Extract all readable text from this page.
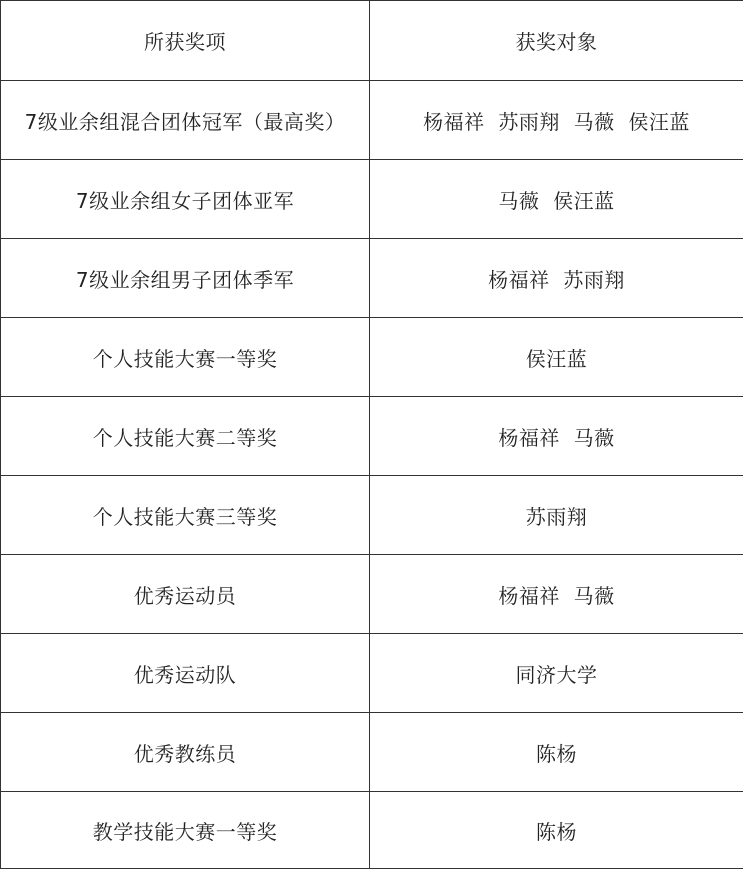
所获奖项	获奖对象
7级业余组混合团体冠军（最高奖）	杨福祥  苏雨翔  马薇  侯汪蓝
7级业余组女子团体亚军	马薇  侯汪蓝
7级业余组男子团体季军	杨福祥  苏雨翔
个人技能大赛一等奖	侯汪蓝
个人技能大赛二等奖	杨福祥  马薇
个人技能大赛三等奖	苏雨翔
优秀运动员	杨福祥  马薇
优秀运动队	同济大学
优秀教练员	陈杨
教学技能大赛一等奖	陈杨
